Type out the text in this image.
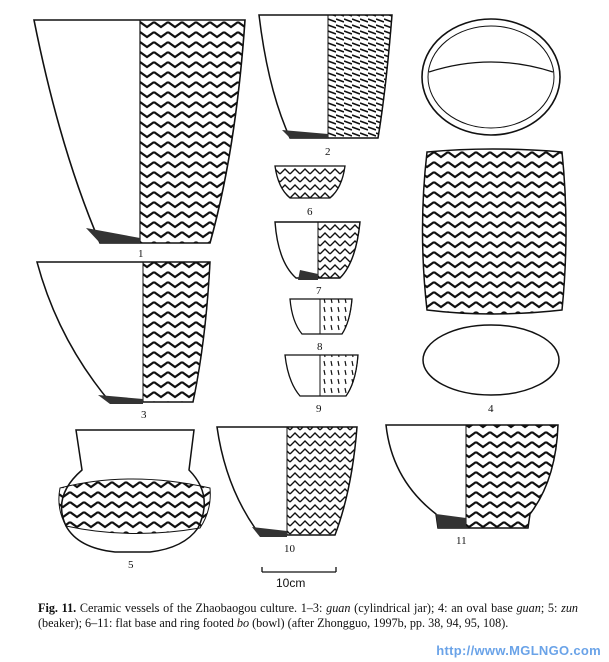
1
2
4
6
7
8
9
3
5
10
11
10cm
Fig. 11. Ceramic vessels of the Zhaobaogou culture. 1–3: guan (cylindrical jar); 4: an oval base guan; 5: zun (beaker); 6–11: flat base and ring footed bo (bowl) (after Zhongguo, 1997b, pp. 38, 94, 95, 108).
http://www.MGLNGO.com
